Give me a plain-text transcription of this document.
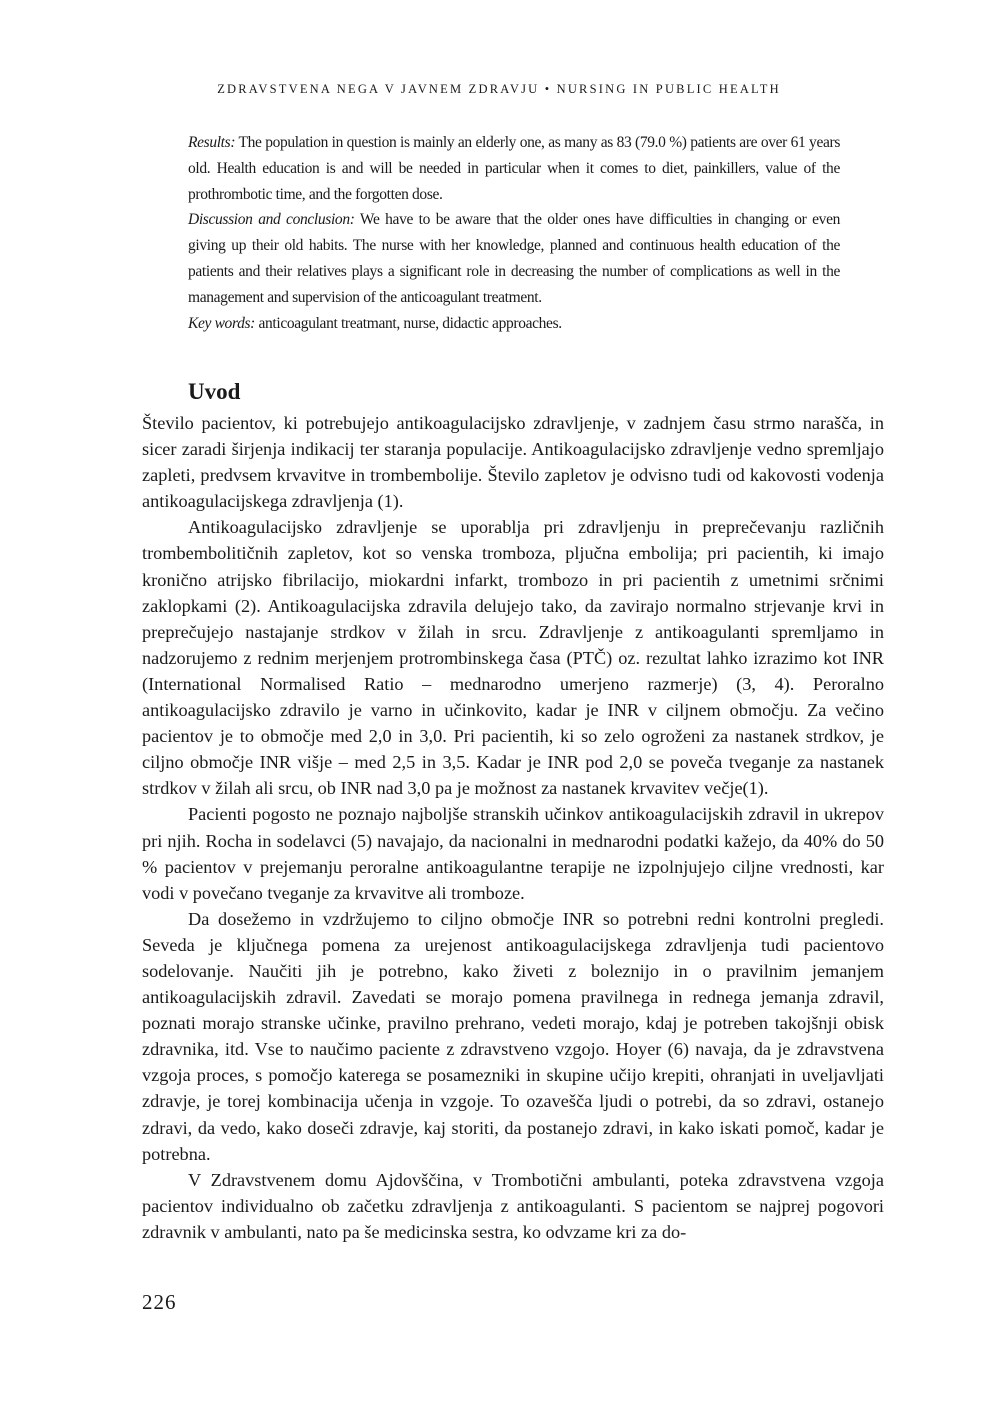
ZDRAVSTVENA NEGA V JAVNEM ZDRAVJU • NURSING IN PUBLIC HEALTH

Results: The population in question is mainly an elderly one, as many as 83 (79.0 %) patients are over 61 years old. Health education is and will be needed in particular when it comes to diet, painkillers, value of the prothrombotic time, and the forgotten dose.

Discussion and conclusion: We have to be aware that the older ones have difficulties in changing or even giving up their old habits. The nurse with her knowledge, planned and continuous health education of the patients and their relatives plays a significant role in decreasing the number of complications as well in the management and supervision of the anticoagulant treatment.

Key words: anticoagulant treatmant, nurse, didactic approaches.

Uvod

Število pacientov, ki potrebujejo antikoagulacijsko zdravljenje, v zadnjem času strmo narašča, in sicer zaradi širjenja indikacij ter staranja populacije. Antikoagulacijsko zdravljenje vedno spremljajo zapleti, predvsem krvavitve in trombembolije. Število zapletov je odvisno tudi od kakovosti vodenja antikoagulacijskega zdravljenja (1).

Antikoagulacijsko zdravljenje se uporablja pri zdravljenju in preprečevanju različnih trombembolitičnih zapletov, kot so venska tromboza, pljučna embolija; pri pacientih, ki imajo kronično atrijsko fibrilacijo, miokardni infarkt, trombozo in pri pacientih z umetnimi srčnimi zaklopkami (2). Antikoagulacijska zdravila delujejo tako, da zavirajo normalno strjevanje krvi in preprečujejo nastajanje strdkov v žilah in srcu. Zdravljenje z antikoagulanti spremljamo in nadzorujemo z rednim merjenjem protrombinskega časa (PTČ) oz. rezultat lahko izrazimo kot INR (International Normalised Ratio – mednarodno umerjeno razmerje) (3, 4). Peroralno antikoagulacijsko zdravilo je varno in učinkovito, kadar je INR v ciljnem območju. Za večino pacientov je to območje med 2,0 in 3,0. Pri pacientih, ki so zelo ogroženi za nastanek strdkov, je ciljno območje INR višje – med 2,5 in 3,5. Kadar je INR pod 2,0 se poveča tveganje za nastanek strdkov v žilah ali srcu, ob INR nad 3,0 pa je možnost za nastanek krvavitev večje(1).

Pacienti pogosto ne poznajo najboljše stranskih učinkov antikoagulacijskih zdravil in ukrepov pri njih. Rocha in sodelavci (5) navajajo, da nacionalni in mednarodni podatki kažejo, da 40% do 50 % pacientov v prejemanju peroralne antikoagulantne terapije ne izpolnjujejo ciljne vrednosti, kar vodi v povečano tveganje za krvavitve ali tromboze.

Da dosežemo in vzdržujemo to ciljno območje INR so potrebni redni kontrolni pregledi. Seveda je ključnega pomena za urejenost antikoagulacijskega zdravljenja tudi pacientovo sodelovanje. Naučiti jih je potrebno, kako živeti z boleznijo in o pravilnim jemanjem antikoagulacijskih zdravil. Zavedati se morajo pomena pravilnega in rednega jemanja zdravil, poznati morajo stranske učinke, pravilno prehrano, vedeti morajo, kdaj je potreben takojšnji obisk zdravnika, itd. Vse to naučimo paciente z zdravstveno vzgojo. Hoyer (6) navaja, da je zdravstvena vzgoja proces, s pomočjo katerega se posamezniki in skupine učijo krepiti, ohranjati in uveljavljati zdravje, je torej kombinacija učenja in vzgoje. To ozavešča ljudi o potrebi, da so zdravi, ostanejo zdravi, da vedo, kako doseči zdravje, kaj storiti, da postanejo zdravi, in kako iskati pomoč, kadar je potrebna.

V Zdravstvenem domu Ajdovščina, v Trombotični ambulanti, poteka zdravstvena vzgoja pacientov individualno ob začetku zdravljenja z antikoagulanti. S pacientom se najprej pogovori zdravnik v ambulanti, nato pa še medicinska sestra, ko odvzame kri za do-

226
